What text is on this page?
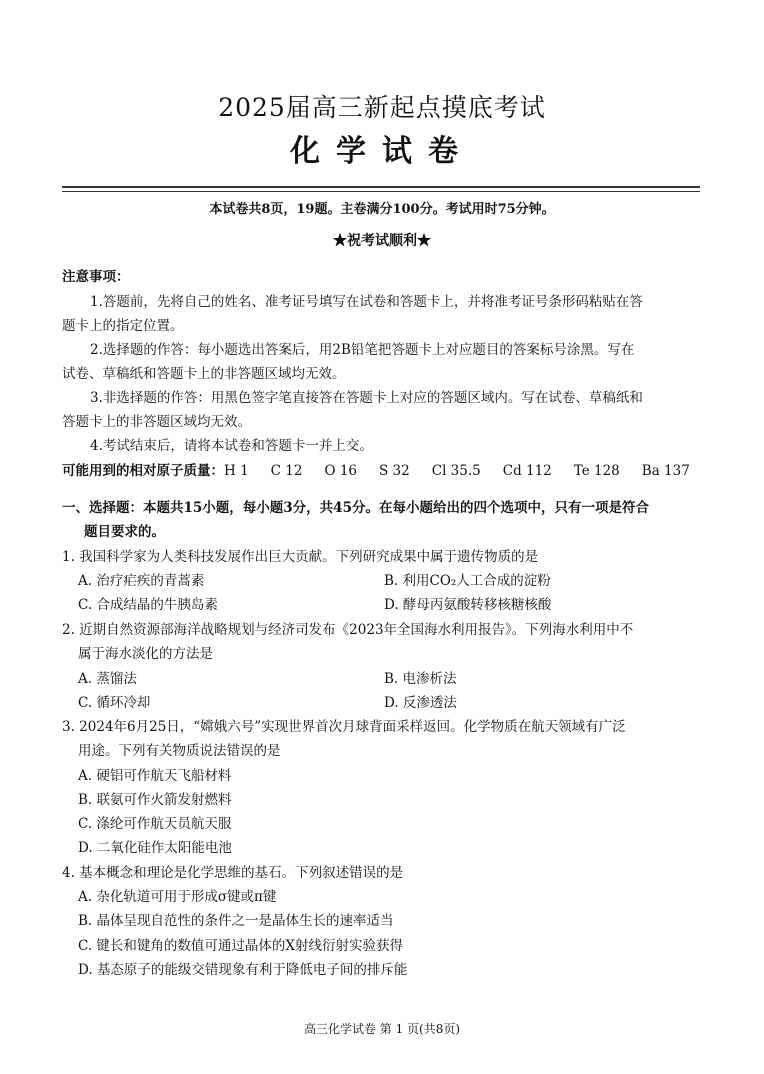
2025届高三新起点摸底考试
化学试卷
本试卷共8页，19题。主卷满分100分。考试用时75分钟。
★祝考试顺利★
注意事项：
1.答题前，先将自己的姓名、准考证号填写在试卷和答题卡上，并将准考证号条形码粘贴在答
题卡上的指定位置。
2.选择题的作答：每小题选出答案后，用2B铅笔把答题卡上对应题目的答案标号涂黑。写在
试卷、草稿纸和答题卡上的非答题区域均无效。
3.非选择题的作答：用黑色签字笔直接答在答题卡上对应的答题区域内。写在试卷、草稿纸和
答题卡上的非答题区域均无效。
4.考试结束后，请将本试卷和答题卡一并上交。
可能用到的相对原子质量：H 1 C 12 O 16 S 32 Cl 35.5 Cd 112 Te 128 Ba 137
一、选择题：本题共15小题，每小题3分，共45分。在每小题给出的四个选项中，只有一项是符合
题目要求的。
1. 我国科学家为人类科技发展作出巨大贡献。下列研究成果中属于遗传物质的是
A. 治疗疟疾的青蒿素	B. 利用CO₂人工合成的淀粉
C. 合成结晶的牛胰岛素	D. 酵母丙氨酸转移核糖核酸
2. 近期自然资源部海洋战略规划与经济司发布《2023年全国海水利用报告》。下列海水利用中不
属于海水淡化的方法是
A. 蒸馏法	B. 电渗析法
C. 循环冷却	D. 反渗透法
3. 2024年6月25日，“嫦娥六号”实现世界首次月球背面采样返回。化学物质在航天领域有广泛
用途。下列有关物质说法错误的是
A. 硬铝可作航天飞船材料
B. 联氨可作火箭发射燃料
C. 涤纶可作航天员航天服
D. 二氧化硅作太阳能电池
4. 基本概念和理论是化学思维的基石。下列叙述错误的是
A. 杂化轨道可用于形成σ键或π键
B. 晶体呈现自范性的条件之一是晶体生长的速率适当
C. 键长和键角的数值可通过晶体的X射线衍射实验获得
D. 基态原子的能级交错现象有利于降低电子间的排斥能
高三化学试卷 第 1 页(共8页)
